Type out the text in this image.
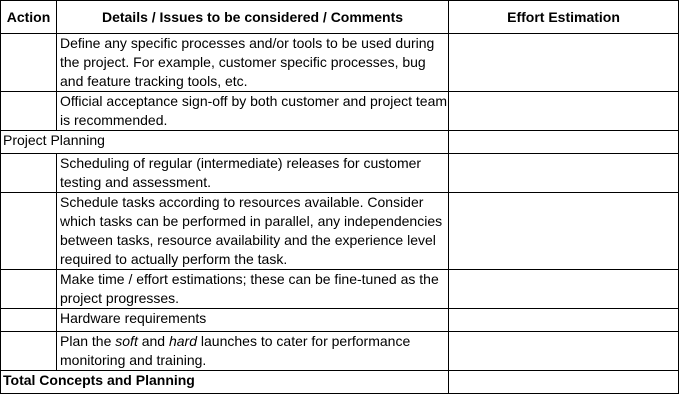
Action	Details / Issues to be considered / Comments	Effort Estimation
	Define any specific processes and/or tools to be used during the project. For example, customer specific processes, bug and feature tracking tools, etc.	
	Official acceptance sign-off by both customer and project team is recommended.	
Project Planning		
	Scheduling of regular (intermediate) releases for customer testing and assessment.	
	Schedule tasks according to resources available. Consider which tasks can be performed in parallel, any independencies between tasks, resource availability and the experience level required to actually perform the task.	
	Make time / effort estimations; these can be fine-tuned as the project progresses.	
	Hardware requirements	
	Plan the soft and hard launches to cater for performance monitoring and training.	
Total Concepts and Planning		
